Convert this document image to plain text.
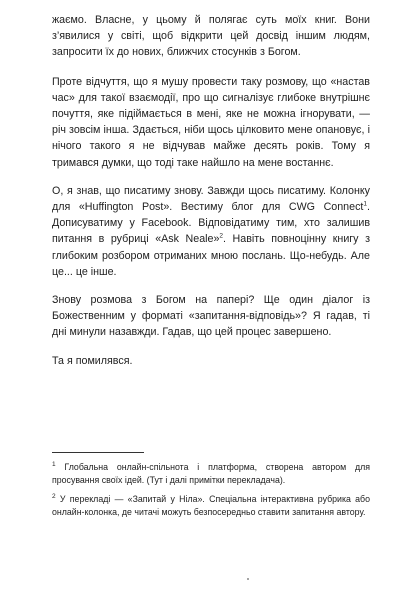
жаємо. Власне, у цьому й полягає суть моїх книг. Вони з’явилися у світі, щоб відкрити цей досвід іншим людям, запросити їх до нових, ближчих стосунків з Богом.

Проте відчуття, що я мушу провести таку розмову, що «настав час» для такої взаємодії, про що сигналізує глибоке внутрішнє почуття, яке підіймається в мені, яке не можна ігнорувати, — річ зовсім інша. Здається, ніби щось цілковито мене опановує, і нічого такого я не відчував майже десять років. Тому я тримався думки, що тоді таке найшло на мене востаннє.

О, я знав, що писатиму знову. Завжди щось писатиму. Колонку для «Huffington Post». Вестиму блог для CWG Connect$^1$. Дописуватиму у Facebook. Відповідатиму тим, хто залишив питання в рубриці «Ask Neale»$^2$. Навіть повноцінну книгу з глибоким розбором отриманих мною послань. Що-небудь. Але це... це інше.

Знову розмова з Богом на папері? Ще один діалог із Божественним у форматі «запитання-відповідь»? Я гадав, ті дні минули назавжди. Гадав, що цей процес завершено.

Та я помилявся.

$^1$ Глобальна онлайн-спільнота і платформа, створена автором для просування своїх ідей. (Тут і далі примітки перекладача).

$^2$ У перекладі — «Запитай у Ніла». Спеціальна інтерактивна рубрика або онлайн-колонка, де читачі можуть безпосередньо ставити запитання автору.
